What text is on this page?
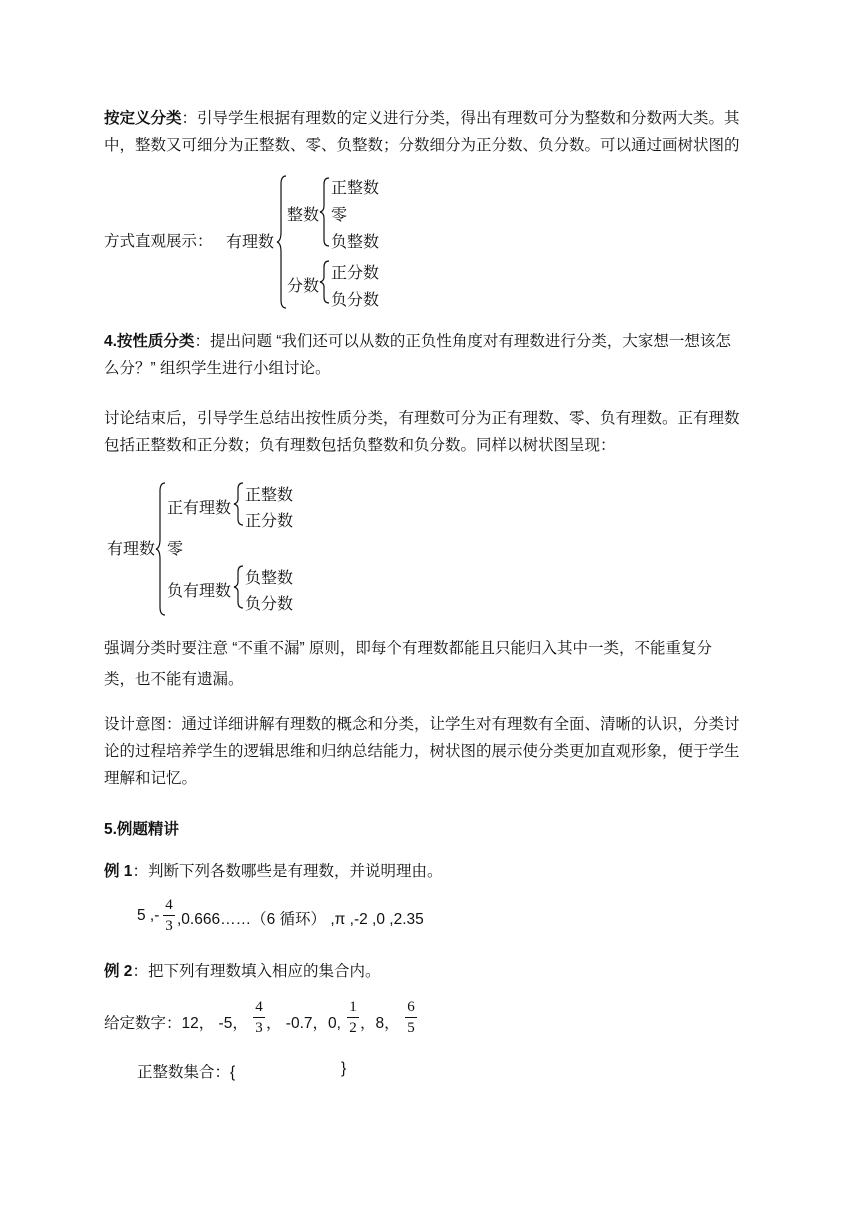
按定义分类：引导学生根据有理数的定义进行分类，得出有理数可分为整数和分数两大类。其
中，整数又可细分为正整数、零、负整数；分数细分为正分数、负分数。可以通过画树状图的
方式直观展示： 有理数
整数
正整数
零
负整数
分数
正分数
负分数
4.按性质分类：提出问题 “我们还可以从数的正负性角度对有理数进行分类，大家想一想该怎
么分？” 组织学生进行小组讨论。
讨论结束后，引导学生总结出按性质分类，有理数可分为正有理数、零、负有理数。正有理数
包括正整数和正分数；负有理数包括负整数和负分数。同样以树状图呈现：
有理数
正有理数
正整数
正分数
零
负有理数
负整数
负分数
强调分类时要注意 “不重不漏” 原则，即每个有理数都能且只能归入其中一类，不能重复分
类，也不能有遗漏。
设计意图：通过详细讲解有理数的概念和分类，让学生对有理数有全面、清晰的认识，分类讨
论的过程培养学生的逻辑思维和归纳总结能力，树状图的展示使分类更加直观形象，便于学生
理解和记忆。
5.例题精讲
例 1：判断下列各数哪些是有理数，并说明理由。
5 ,-
4
3 ,0.666……（6 循环） ,π ,-2 ,0 ,2.35
例 2：把下列有理数填入相应的集合内。
给定数字：12， -5，
4
3 ， -0.7，0,
1
2 ，8，
6
5
正整数集合：{	}
